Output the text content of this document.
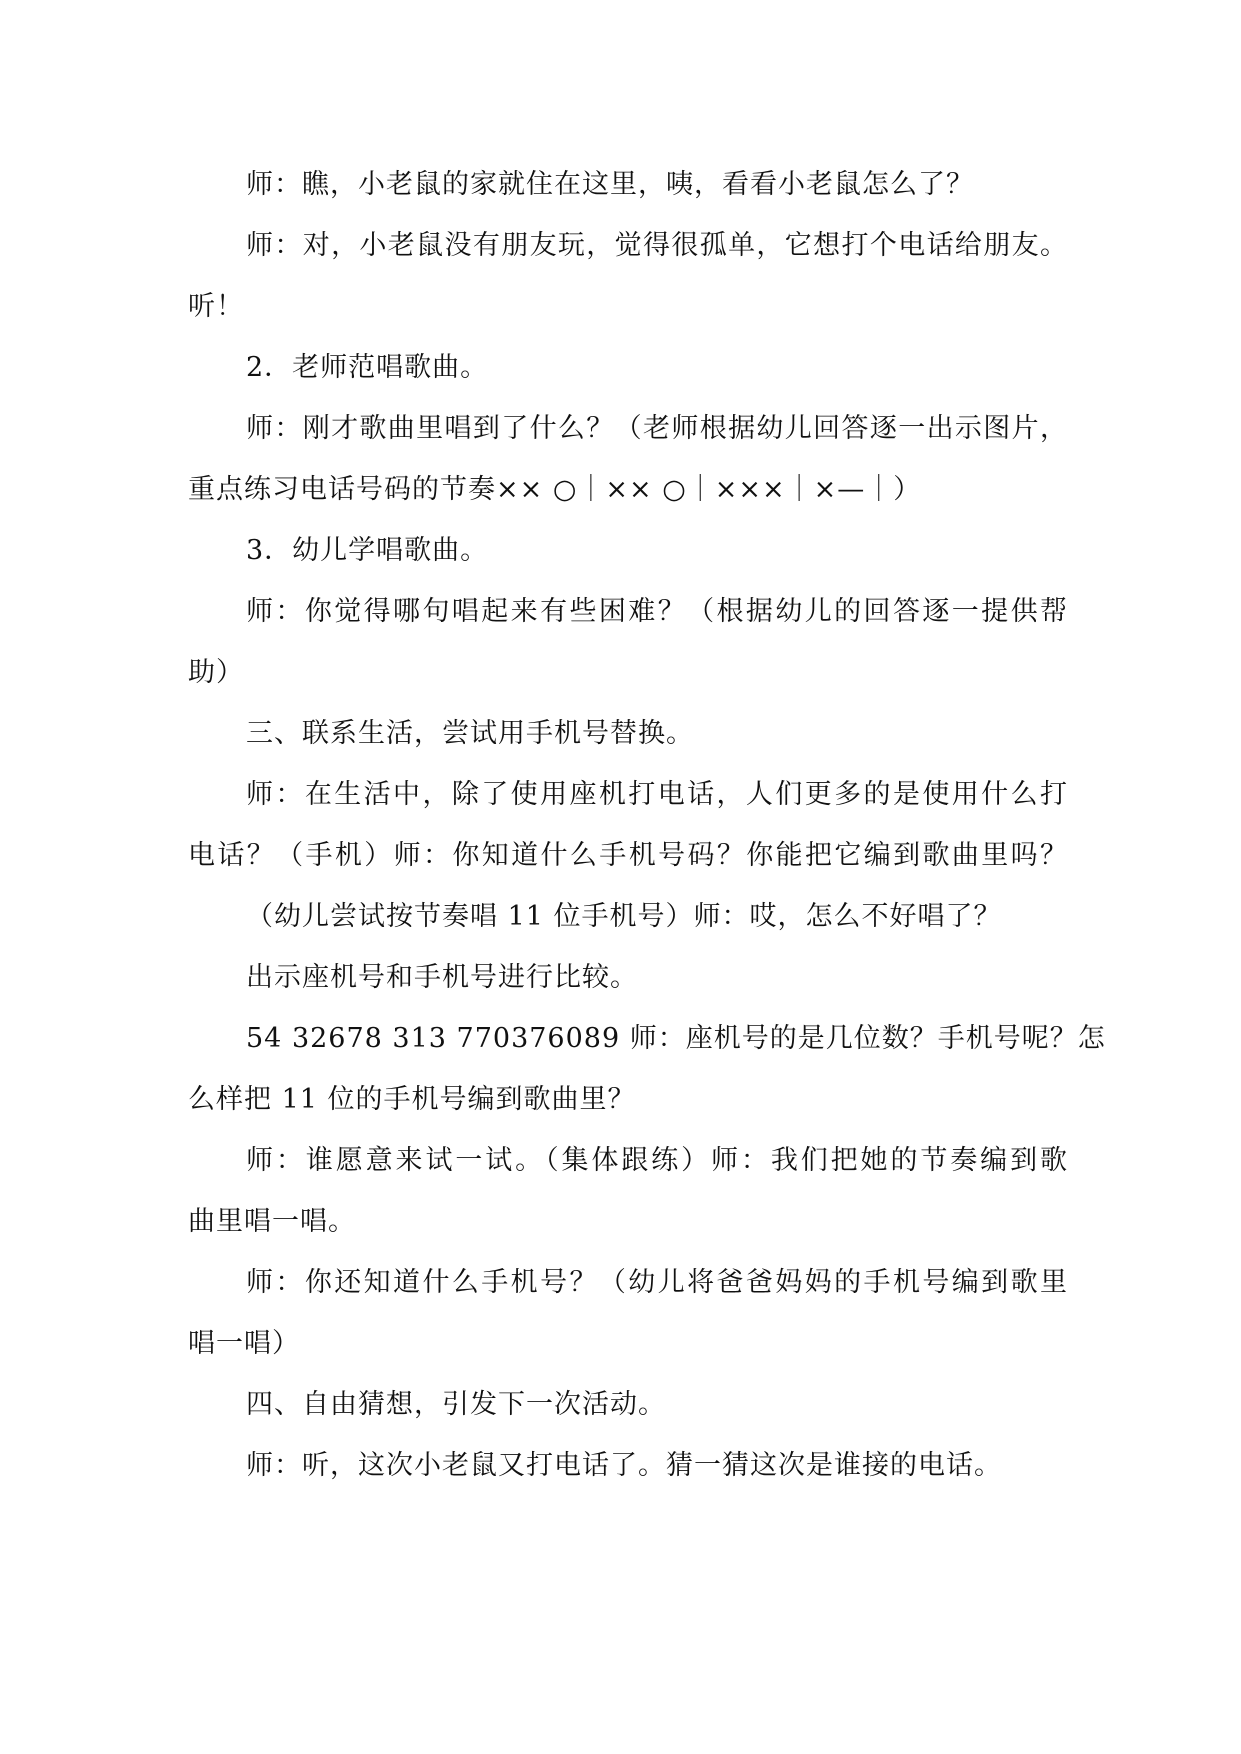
师：瞧，小老鼠的家就住在这里，咦，看看小老鼠怎么了？
师：对，小老鼠没有朋友玩，觉得很孤单，它想打个电话给朋友。
听！
2．老师范唱歌曲。
师：刚才歌曲里唱到了什么？（老师根据幼儿回答逐一出示图片，
重点练习电话号码的节奏×× ○｜×× ○｜×××｜×—｜）
3．幼儿学唱歌曲。
师：你觉得哪句唱起来有些困难？（根据幼儿的回答逐一提供帮
助）
三、联系生活，尝试用手机号替换。
师：在生活中，除了使用座机打电话，人们更多的是使用什么打
电话？（手机）师：你知道什么手机号码？你能把它编到歌曲里吗？
（幼儿尝试按节奏唱 11 位手机号）师：哎，怎么不好唱了？
出示座机号和手机号进行比较。
54 32678 313 770376089 师：座机号的是几位数？手机号呢？怎
么样把 11 位的手机号编到歌曲里？
师：谁愿意来试一试。（集体跟练）师：我们把她的节奏编到歌
曲里唱一唱。
师：你还知道什么手机号？（幼儿将爸爸妈妈的手机号编到歌里
唱一唱）
四、自由猜想，引发下一次活动。
师：听，这次小老鼠又打电话了。猜一猜这次是谁接的电话。
